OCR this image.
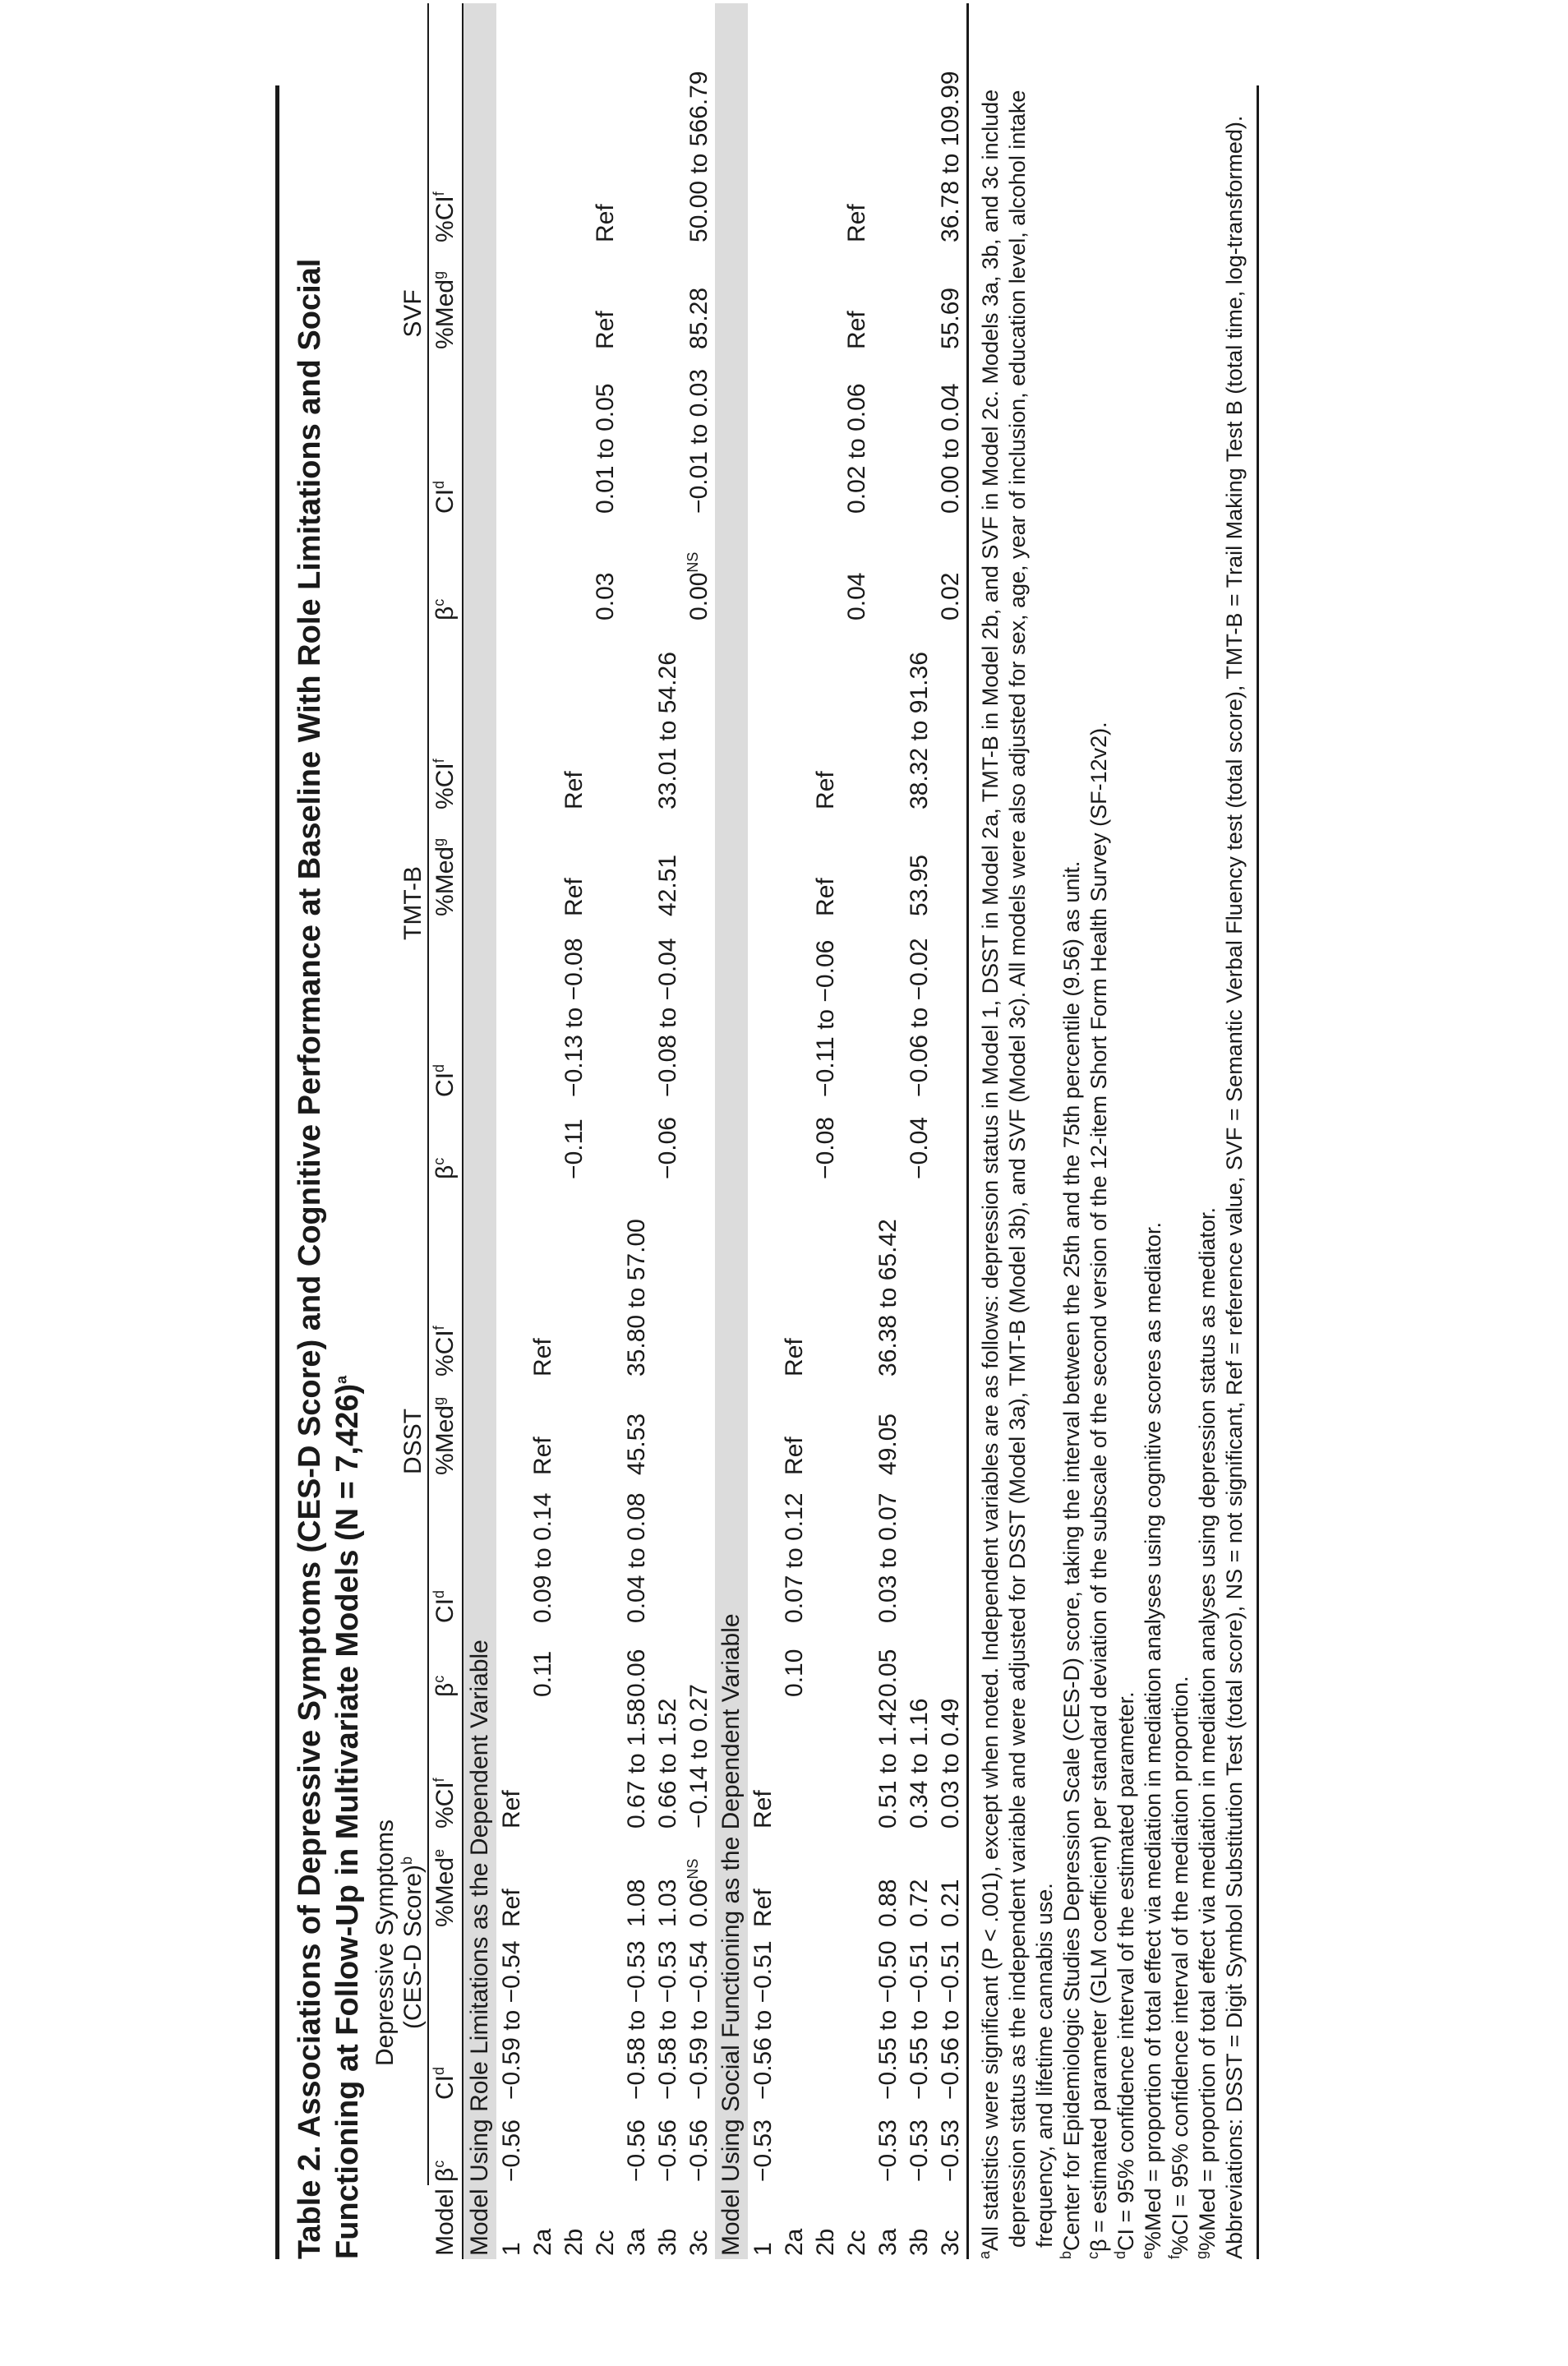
Table 2. Associations of Depressive Symptoms (CES-D Score) and Cognitive Performance at Baseline With Role Limitations and Social Functioning at Follow-Up in Multivariate Models (N = 7,426)$^a$
Model	Depressive Symptoms
(CES-D Score)$^b$				DSST				TMT-B				SVF			
	$\beta^c$	$CI^d$	%Med$^e$	$\%CI^f$	$\beta^c$	$CI^d$	%Med$^g$	$\%CI^f$	$\beta^c$	$CI^d$	%Med$^g$	$\%CI^f$	$\beta^c$	$CI^d$	%Med$^g$	$\%CI^f$
Model Using Role Limitations as the Dependent Variable																
1	−0.56	−0.59 to −0.54	Ref	Ref												
2a					0.11	0.09 to 0.14	Ref	Ref								
2b									−0.11	−0.13 to −0.08	Ref	Ref				
2c													0.03	0.01 to 0.05	Ref	Ref
3a	−0.56	−0.58 to −0.53	1.08	0.67 to 1.58	0.06	0.04 to 0.08	45.53	35.80 to 57.00								
3b	−0.56	−0.58 to −0.53	1.03	0.66 to 1.52					−0.06	−0.08 to −0.04	42.51	33.01 to 54.26				
3c	−0.56	−0.59 to −0.54	$0.06^{NS}$	−0.14 to 0.27									$0.00^{NS}$	−0.01 to 0.03	85.28	50.00 to 566.79
Model Using Social Functioning as the Dependent Variable																
1	−0.53	−0.56 to −0.51	Ref	Ref												
2a					0.10	0.07 to 0.12	Ref	Ref								
2b									−0.08	−0.11 to −0.06	Ref	Ref				
2c													0.04	0.02 to 0.06	Ref	Ref
3a	−0.53	−0.55 to −0.50	0.88	0.51 to 1.42	0.05	0.03 to 0.07	49.05	36.38 to 65.42								
3b	−0.53	−0.55 to −0.51	0.72	0.34 to 1.16					−0.04	−0.06 to −0.02	53.95	38.32 to 91.36				
3c	−0.53	−0.56 to −0.51	0.21	0.03 to 0.49									0.02	0.00 to 0.04	55.69	36.78 to 109.99
$^a$All statistics were significant (P < .001), except when noted. Independent variables are as follows: depression status in Model 1, DSST in Model 2a, TMT-B in Model 2b, and SVF in Model 2c. Models 3a, 3b, and 3c include depression status as the independent variable and were adjusted for DSST (Model 3a), TMT-B (Model 3b), and SVF (Model 3c). All models were also adjusted for sex, age, year of inclusion, education level, alcohol intake frequency, and lifetime cannabis use.
$^b$Center for Epidemiologic Studies Depression Scale (CES-D) score, taking the interval between the 25th and the 75th percentile (9.56) as unit.
$^c$β = estimated parameter (GLM coefficient) per standard deviation of the subscale of the second version of the 12-item Short Form Health Survey (SF-12v2).
$^d$CI = 95% confidence interval of the estimated parameter.
$^e$%Med = proportion of total effect via mediation in mediation analyses using cognitive scores as mediator.
$^f$%CI = 95% confidence interval of the mediation proportion.
$^g$%Med = proportion of total effect via mediation in mediation analyses using depression status as mediator. Abbreviations: DSST = Digit Symbol Substitution Test (total score), NS = not significant, Ref = reference value, SVF = Semantic Verbal Fluency test (total score), TMT-B = Trail Making Test B (total time, log-transformed).
